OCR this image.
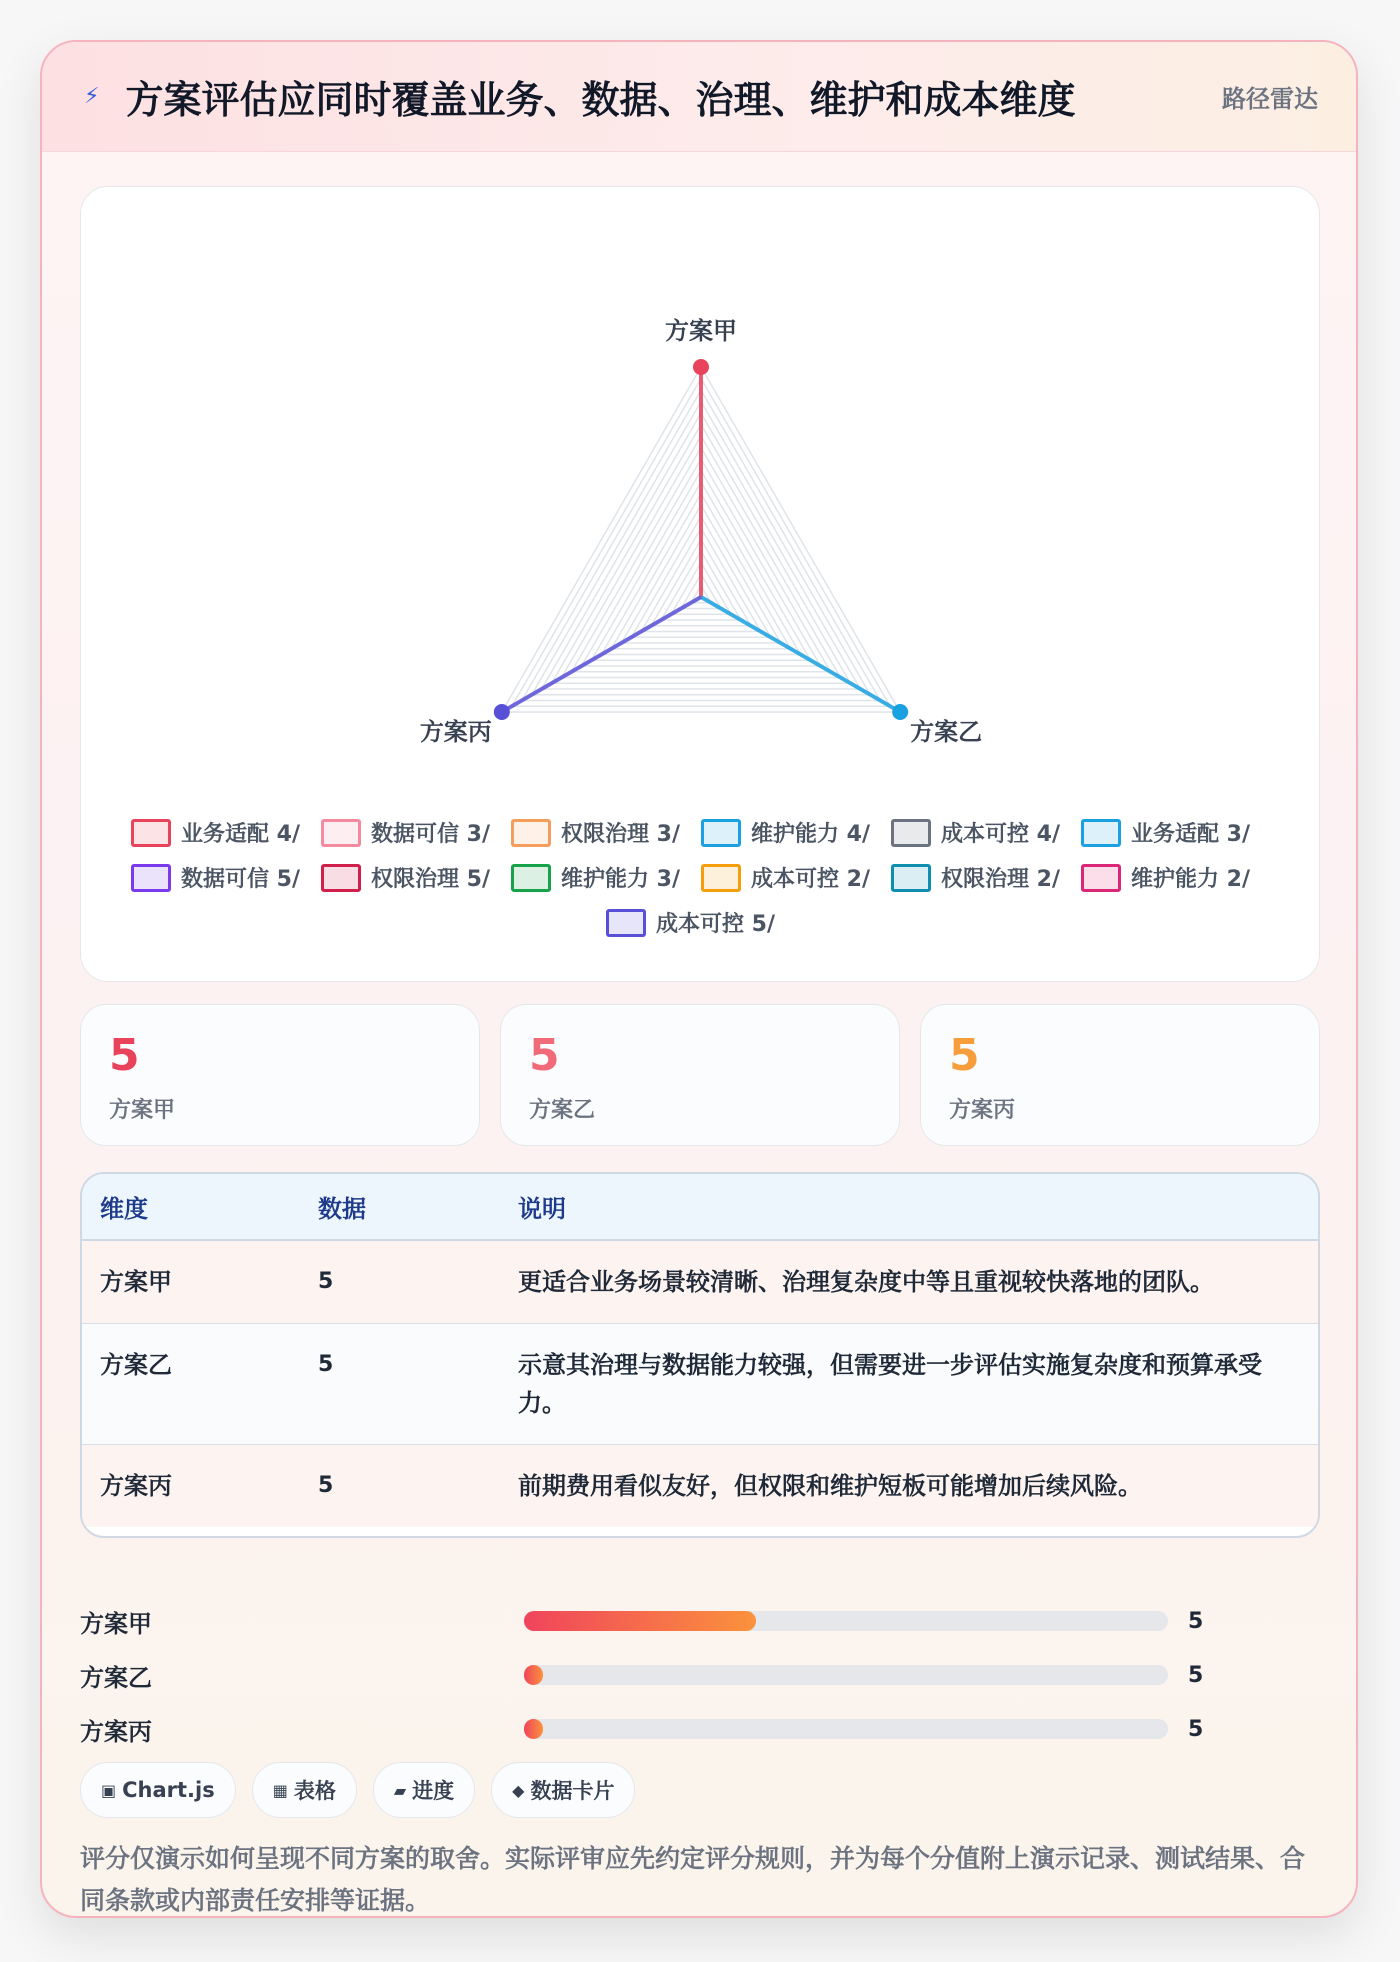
⚡ 方案评估应同时覆盖业务、数据、治理、维护和成本维度	路径雷达
方案甲
方案乙
方案丙
业务适配 4/	数据可信 3/	权限治理 3/	维护能力 4/	成本可控 4/	业务适配 3/
数据可信 5/	权限治理 5/	维护能力 3/	成本可控 2/	权限治理 2/	维护能力 2/
成本可控 5/
5
方案甲
5
方案乙
5
方案丙
维度	数据	说明
方案甲	5	更适合业务场景较清晰、治理复杂度中等且重视较快落地的团队。
方案乙	5	示意其治理与数据能力较强，但需要进一步评估实施复杂度和预算承受力。
方案丙	5	前期费用看似友好，但权限和维护短板可能增加后续风险。
方案甲	5
方案乙	5
方案丙	5
▣ Chart.js	▦ 表格	▰ 进度	◆ 数据卡片
评分仅演示如何呈现不同方案的取舍。实际评审应先约定评分规则，并为每个分值附上演示记录、测试结果、合同条款或内部责任安排等证据。
